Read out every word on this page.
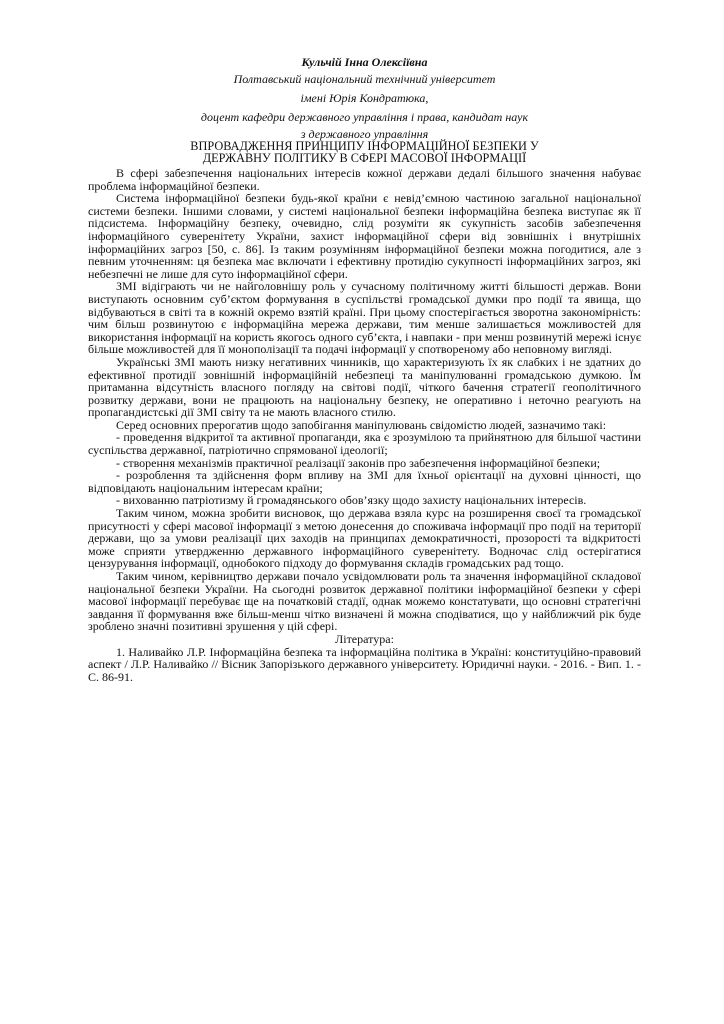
Кульчій Інна Олексіївна
Полтавський національний технічний університет
імені Юрія Кондратюка,
доцент кафедри державного управління і права, кандидат наук
з державного управління
ВПРОВАДЖЕННЯ ПРИНЦИПУ ІНФОРМАЦІЙНОЇ БЕЗПЕКИ У
ДЕРЖАВНУ ПОЛІТИКУ В СФЕРІ МАСОВОЇ ІНФОРМАЦІЇ

В сфері забезпечення національних інтересів кожної держави дедалі більшого значення набуває проблема інформаційної безпеки.

Система інформаційної безпеки будь-якої країни є невід’ємною частиною загальної національної системи безпеки. Іншими словами, у системі національної безпеки інформаційна безпека виступає як її підсистема. Інформаційну безпеку, очевидно, слід розуміти як сукупність засобів забезпечення інформаційного суверенітету України, захист інформаційної сфери від зовнішніх і внутрішніх інформаційних загроз [50, с. 86]. Із таким розумінням інформаційної безпеки можна погодитися, але з певним уточненням: ця безпека має включати і ефективну протидію сукупності інформаційних загроз, які небезпечні не лише для суто інформаційної сфери.

ЗМІ відіграють чи не найголовнішу роль у сучасному політичному житті більшості держав. Вони виступають основним суб’єктом формування в суспільстві громадської думки про події та явища, що відбуваються в світі та в кожній окремо взятій країні. При цьому спостерігається зворотна закономірність: чим більш розвинутою є інформаційна мережа держави, тим менше залишається можливостей для використання інформації на користь якогось одного суб’єкта, і навпаки - при менш розвинутій мережі існує більше можливостей для її монополізації та подачі інформації у спотвореному або неповному вигляді.

Українські ЗМІ мають низку негативних чинників, що характеризують їх як слабких і не здатних до ефективної протидії зовнішній інформаційній небезпеці та маніпулюванні громадською думкою. Їм притаманна відсутність власного погляду на світові події, чіткого бачення стратегії геополітичного розвитку держави, вони не працюють на національну безпеку, не оперативно і неточно реагують на пропагандистські дії ЗМІ світу та не мають власного стилю.

Серед основних прерогатив щодо запобігання маніпулювань свідомістю людей, зазначимо такі:

- проведення відкритої та активної пропаганди, яка є зрозумілою та прийнятною для більшої частини суспільства державної, патріотично спрямованої ідеології;

- створення механізмів практичної реалізації законів про забезпечення інформаційної безпеки;

- розроблення та здійснення форм впливу на ЗМІ для їхньої орієнтації на духовні цінності, що відповідають національним інтересам країни;

- вихованню патріотизму й громадянського обов’язку щодо захисту національних інтересів.

Таким чином, можна зробити висновок, що держава взяла курс на розширення своєї та громадської присутності у сфері масової інформації з метою донесення до споживача інформації про події на території держави, що за умови реалізації цих заходів на принципах демократичності, прозорості та відкритості може сприяти утвердженню державного інформаційного суверенітету. Водночас слід остерігатися цензурування інформації, однобокого підходу до формування складів громадських рад тощо.

Таким чином, керівництво держави почало усвідомлювати роль та значення інформаційної складової національної безпеки України. На сьогодні розвиток державної політики інформаційної безпеки у сфері масової інформації перебуває ще на початковій стадії, однак можемо констатувати, що основні стратегічні завдання її формування вже більш-менш чітко визначені й можна сподіватися, що у найближчий рік буде зроблено значні позитивні зрушення у цій сфері.

Література:

1. Наливайко Л.Р. Інформаційна безпека та інформаційна політика в Україні: конституційно-правовий аспект / Л.Р. Наливайко // Вісник Запорізького державного університету. Юридичні науки. - 2016. - Вип. 1. - С. 86-91.
